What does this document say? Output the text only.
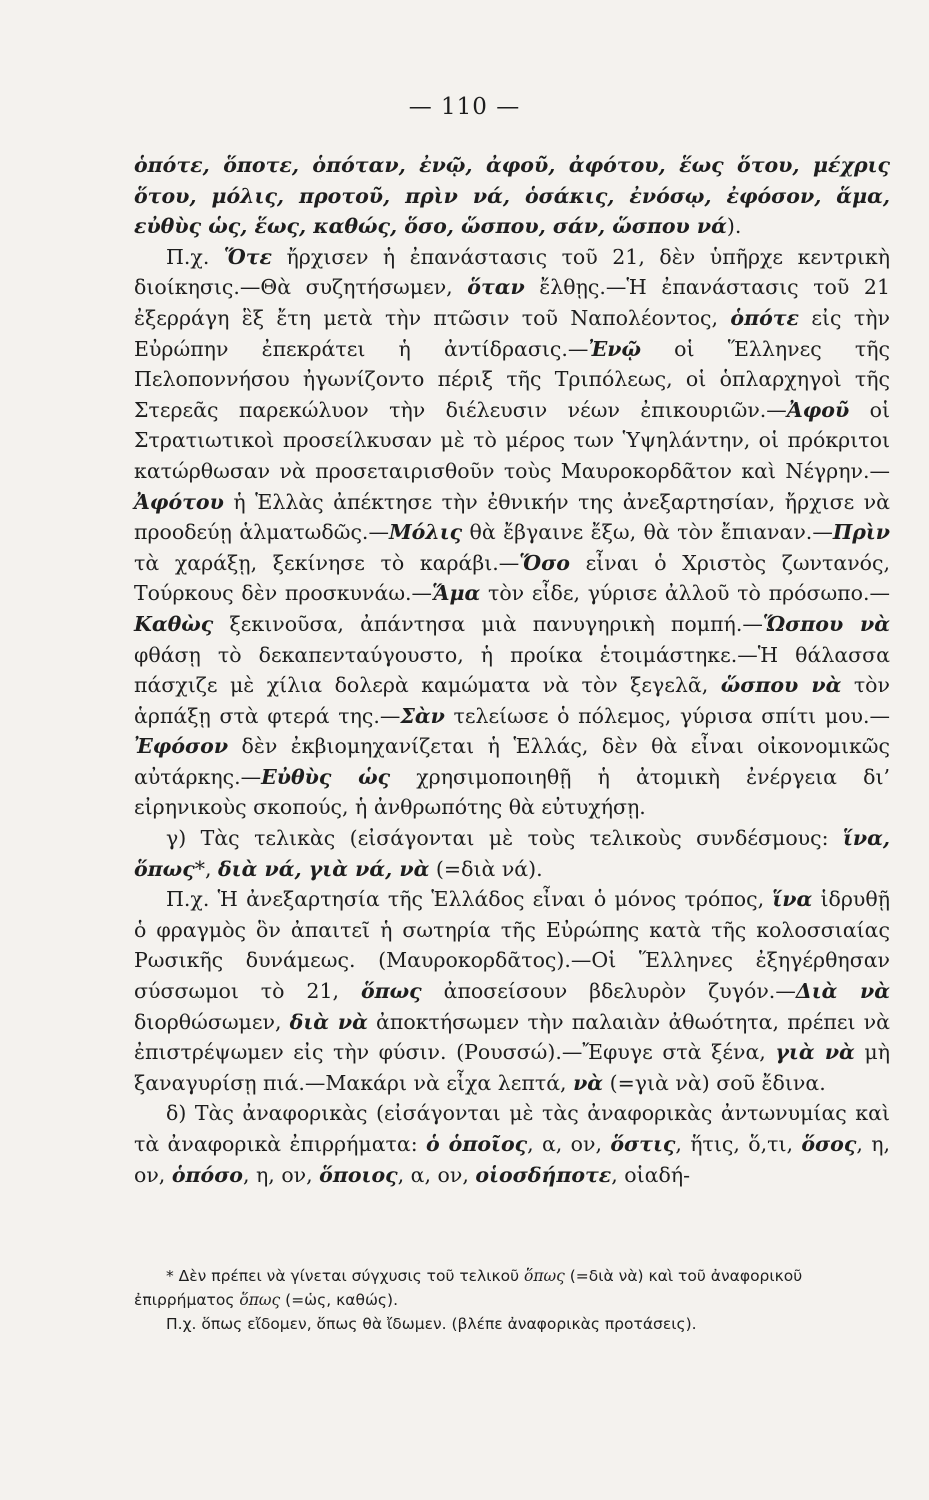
— 110 —

ὁπότε, ὅποτε, ὁπόταν, ἐνῷ, ἀφοῦ, ἀφότου, ἕως ὅτου, μέχρις ὅτου, μόλις, προτοῦ, πρὶν νά, ὁσάκις, ἐνόσῳ, ἐφόσον, ἅμα, εὐθὺς ὡς, ἕως, καθώς, ὅσο, ὥσπου, σάν, ὥσπου νά).

Π.χ. Ὅτε ἤρχισεν ἡ ἐπανάστασις τοῦ 21, δὲν ὑπῆρχε κεντρικὴ διοίκησις.—Θὰ συζητήσωμεν, ὅταν ἔλθῃς.—Ἡ ἐπανάστασις τοῦ 21 ἐξερράγη ἓξ ἔτη μετὰ τὴν πτῶσιν τοῦ Ναπολέοντος, ὁπότε εἰς τὴν Εὐρώπην ἐπεκράτει ἡ ἀντίδρασις.—Ἐνῷ οἱ Ἕλληνες τῆς Πελοποννήσου ἠγωνίζοντο πέριξ τῆς Τριπόλεως, οἱ ὁπλαρχηγοὶ τῆς Στερεᾶς παρεκώλυον τὴν διέλευσιν νέων ἐπικουριῶν.—Ἀφοῦ οἱ Στρατιωτικοὶ προσείλκυσαν μὲ τὸ μέρος των Ὑψηλάντην, οἱ πρόκριτοι κατώρθωσαν νὰ προσεταιρισθοῦν τοὺς Μαυροκορδᾶτον καὶ Νέγρην.—Ἀφότου ἡ Ἑλλὰς ἀπέκτησε τὴν ἐθνικήν της ἀνεξαρτησίαν, ἤρχισε νὰ προοδεύῃ ἁλματωδῶς.—Μόλις θὰ ἔβγαινε ἔξω, θὰ τὸν ἔπιαναν.—Πρὶν τὰ χαράξῃ, ξεκίνησε τὸ καράβι.—Ὅσο εἶναι ὁ Χριστὸς ζωντανός, Τούρκους δὲν προσκυνάω.—Ἅμα τὸν εἶδε, γύρισε ἀλλοῦ τὸ πρόσωπο.—Καθὼς ξεκινοῦσα, ἀπάντησα μιὰ πανυγηρικὴ πομπή.—Ὥσπου νὰ φθάσῃ τὸ δεκαπενταύγουστο, ἡ προίκα ἑτοιμάστηκε.—Ἡ θάλασσα πάσχιζε μὲ χίλια δολερὰ καμώματα νὰ τὸν ξεγελᾶ, ὥσπου νὰ τὸν ἁρπάξῃ στὰ φτερά της.—Σὰν τελείωσε ὁ πόλεμος, γύρισα σπίτι μου.—Ἐφόσον δὲν ἐκβιομηχανίζεται ἡ Ἑλλάς, δὲν θὰ εἶναι οἰκονομικῶς αὐτάρκης.—Εὐθὺς ὡς χρησιμοποιηθῇ ἡ ἀτομικὴ ἐνέργεια δι’ εἰρηνικοὺς σκοπούς, ἡ ἀνθρωπότης θὰ εὐτυχήσῃ.

γ) Τὰς τελικὰς (εἰσάγονται μὲ τοὺς τελικοὺς συνδέσμους: ἵνα, ὅπως*, διὰ νά, γιὰ νά, νὰ (=διὰ νά).

Π.χ. Ἡ ἀνεξαρτησία τῆς Ἑλλάδος εἶναι ὁ μόνος τρόπος, ἵνα ἱδρυθῇ ὁ φραγμὸς ὃν ἀπαιτεῖ ἡ σωτηρία τῆς Εὐρώπης κατὰ τῆς κολοσσιαίας Ρωσικῆς δυνάμεως. (Μαυροκορδᾶτος).—Οἱ Ἕλληνες ἐξηγέρθησαν σύσσωμοι τὸ 21, ὅπως ἀποσείσουν βδελυρὸν ζυγόν.—Διὰ νὰ διορθώσωμεν, διὰ νὰ ἀποκτήσωμεν τὴν παλαιὰν ἀθωότητα, πρέπει νὰ ἐπιστρέψωμεν εἰς τὴν φύσιν. (Ρουσσώ).—Ἔφυγε στὰ ξένα, γιὰ νὰ μὴ ξαναγυρίσῃ πιά.—Μακάρι νὰ εἶχα λεπτά, νὰ (=γιὰ νὰ) σοῦ ἔδινα.

δ) Τὰς ἀναφορικὰς (εἰσάγονται μὲ τὰς ἀναφορικὰς ἀντωνυμίας καὶ τὰ ἀναφορικὰ ἐπιρρήματα: ὁ ὁποῖος, α, ον, ὅστις, ἥτις, ὅ,τι, ὅσος, η, ον, ὁπόσο, η, ον, ὅποιος, α, ον, οἱοσδήποτε, οἱαδή-

* Δὲν πρέπει νὰ γίνεται σύγχυσις τοῦ τελικοῦ ὅπως (=διὰ νὰ) καὶ τοῦ ἀναφορικοῦ ἐπιρρήματος ὅπως (=ὡς, καθώς).

Π.χ. ὅπως εἴδομεν, ὅπως θὰ ἴδωμεν. (βλέπε ἀναφορικὰς προτάσεις).
